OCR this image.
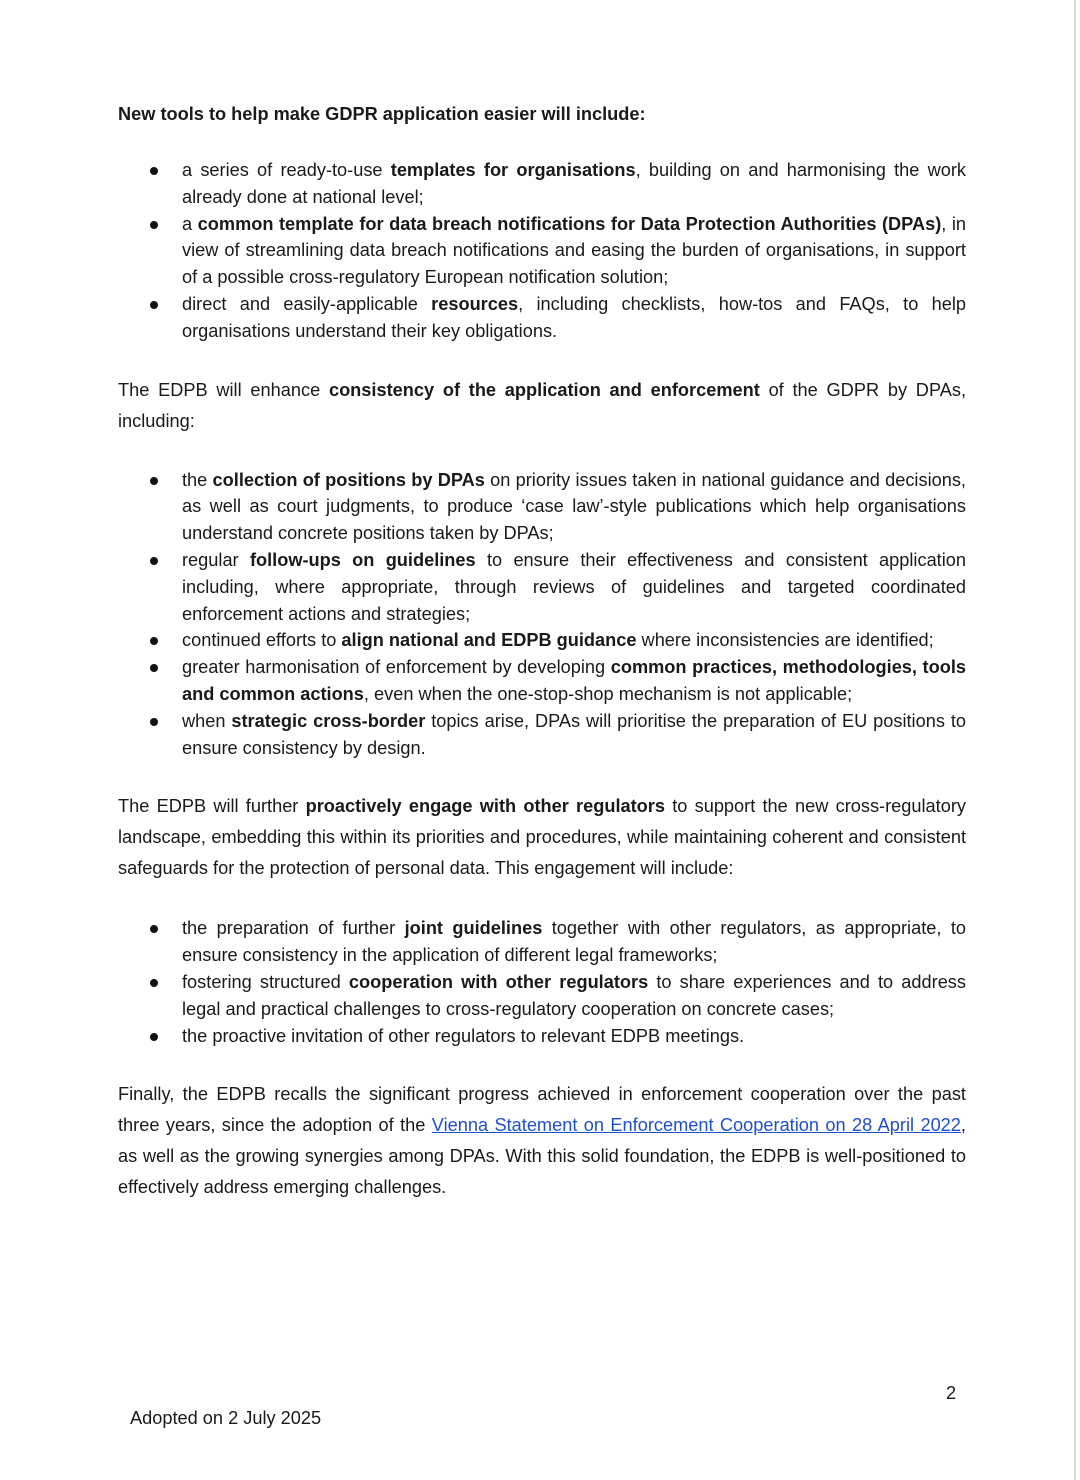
New tools to help make GDPR application easier will include:

a series of ready-to-use templates for organisations, building on and harmonising the work already done at national level;
a common template for data breach notifications for Data Protection Authorities (DPAs), in view of streamlining data breach notifications and easing the burden of organisations, in support of a possible cross-regulatory European notification solution;
direct and easily-applicable resources, including checklists, how-tos and FAQs, to help organisations understand their key obligations.

The EDPB will enhance consistency of the application and enforcement of the GDPR by DPAs, including:

the collection of positions by DPAs on priority issues taken in national guidance and decisions, as well as court judgments, to produce ‘case law’-style publications which help organisations understand concrete positions taken by DPAs;
regular follow-ups on guidelines to ensure their effectiveness and consistent application including, where appropriate, through reviews of guidelines and targeted coordinated enforcement actions and strategies;
continued efforts to align national and EDPB guidance where inconsistencies are identified;
greater harmonisation of enforcement by developing common practices, methodologies, tools and common actions, even when the one-stop-shop mechanism is not applicable;
when strategic cross-border topics arise, DPAs will prioritise the preparation of EU positions to ensure consistency by design.

The EDPB will further proactively engage with other regulators to support the new cross-regulatory landscape, embedding this within its priorities and procedures, while maintaining coherent and consistent safeguards for the protection of personal data. This engagement will include:

the preparation of further joint guidelines together with other regulators, as appropriate, to ensure consistency in the application of different legal frameworks;
fostering structured cooperation with other regulators to share experiences and to address legal and practical challenges to cross-regulatory cooperation on concrete cases;
the proactive invitation of other regulators to relevant EDPB meetings.

Finally, the EDPB recalls the significant progress achieved in enforcement cooperation over the past three years, since the adoption of the Vienna Statement on Enforcement Cooperation on 28 April 2022, as well as the growing synergies among DPAs. With this solid foundation, the EDPB is well-positioned to effectively address emerging challenges.

2
Adopted on 2 July 2025
